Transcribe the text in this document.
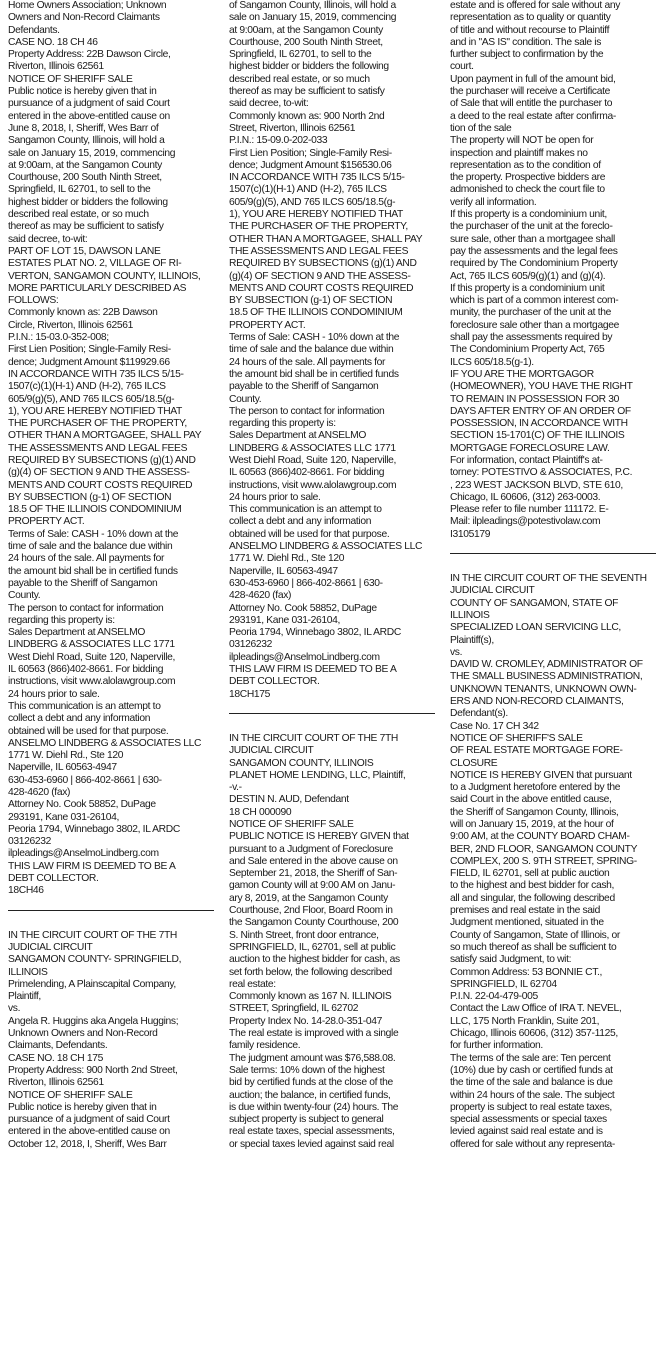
Home Owners Association; Unknown
Owners and Non-Record Claimants
Defendants.
CASE NO. 18 CH 46
Property Address: 22B Dawson Circle,
Riverton, Illinois 62561
NOTICE OF SHERIFF SALE
Public notice is hereby given that in
pursuance of a judgment of said Court
entered in the above-entitled cause on
June 8, 2018, I, Sheriff, Wes Barr of
Sangamon County, Illinois, will hold a
sale on January 15, 2019, commencing
at 9:00am, at the Sangamon County
Courthouse, 200 South Ninth Street,
Springfield, IL 62701, to sell to the
highest bidder or bidders the following
described real estate, or so much
thereof as may be sufficient to satisfy
said decree, to-wit:
PART OF LOT 15, DAWSON LANE
ESTATES PLAT NO. 2, VILLAGE OF RI-
VERTON, SANGAMON COUNTY, ILLINOIS,
MORE PARTICULARLY DESCRIBED AS
FOLLOWS:
Commonly known as: 22B Dawson
Circle, Riverton, Illinois 62561
P.I.N.: 15-03.0-352-008;
First Lien Position; Single-Family Resi-
dence; Judgment Amount $119929.66
IN ACCORDANCE WITH 735 ILCS 5/15-
1507(c)(1)(H-1) AND (H-2), 765 ILCS
605/9(g)(5), AND 765 ILCS 605/18.5(g-
1), YOU ARE HEREBY NOTIFIED THAT
THE PURCHASER OF THE PROPERTY,
OTHER THAN A MORTGAGEE, SHALL PAY
THE ASSESSMENTS AND LEGAL FEES
REQUIRED BY SUBSECTIONS (g)(1) AND
(g)(4) OF SECTION 9 AND THE ASSESS-
MENTS AND COURT COSTS REQUIRED
BY SUBSECTION (g-1) OF SECTION
18.5 OF THE ILLINOIS CONDOMINIUM
PROPERTY ACT.
Terms of Sale: CASH - 10% down at the
time of sale and the balance due within
24 hours of the sale. All payments for
the amount bid shall be in certified funds
payable to the Sheriff of Sangamon
County.
The person to contact for information
regarding this property is:
Sales Department at ANSELMO
LINDBERG & ASSOCIATES LLC 1771
West Diehl Road, Suite 120, Naperville,
IL 60563 (866)402-8661. For bidding
instructions, visit www.alolawgroup.com
24 hours prior to sale.
This communication is an attempt to
collect a debt and any information
obtained will be used for that purpose.
ANSELMO LINDBERG & ASSOCIATES LLC
1771 W. Diehl Rd., Ste 120
Naperville, IL 60563-4947
630-453-6960 | 866-402-8661 | 630-
428-4620 (fax)
Attorney No. Cook 58852, DuPage
293191, Kane 031-26104,
Peoria 1794, Winnebago 3802, IL ARDC
03126232
ilpleadings@AnselmoLindberg.com
THIS LAW FIRM IS DEEMED TO BE A
DEBT COLLECTOR.
18CH46
IN THE CIRCUIT COURT OF THE 7TH
JUDICIAL CIRCUIT
SANGAMON COUNTY- SPRINGFIELD,
ILLINOIS
Primelending, A Plainscapital Company,
Plaintiff,
vs.
Angela R. Huggins aka Angela Huggins;
Unknown Owners and Non-Record
Claimants, Defendants.
CASE NO. 18 CH 175
Property Address: 900 North 2nd Street,
Riverton, Illinois 62561
NOTICE OF SHERIFF SALE
Public notice is hereby given that in
pursuance of a judgment of said Court
entered in the above-entitled cause on
October 12, 2018, I, Sheriff, Wes Barr
of Sangamon County, Illinois, will hold a
sale on January 15, 2019, commencing
at 9:00am, at the Sangamon County
Courthouse, 200 South Ninth Street,
Springfield, IL 62701, to sell to the
highest bidder or bidders the following
described real estate, or so much
thereof as may be sufficient to satisfy
said decree, to-wit:
Commonly known as: 900 North 2nd
Street, Riverton, Illinois 62561
P.I.N.: 15-09.0-202-033
First Lien Position; Single-Family Resi-
dence; Judgment Amount $156530.06
IN ACCORDANCE WITH 735 ILCS 5/15-
1507(c)(1)(H-1) AND (H-2), 765 ILCS
605/9(g)(5), AND 765 ILCS 605/18.5(g-
1), YOU ARE HEREBY NOTIFIED THAT
THE PURCHASER OF THE PROPERTY,
OTHER THAN A MORTGAGEE, SHALL PAY
THE ASSESSMENTS AND LEGAL FEES
REQUIRED BY SUBSECTIONS (g)(1) AND
(g)(4) OF SECTION 9 AND THE ASSESS-
MENTS AND COURT COSTS REQUIRED
BY SUBSECTION (g-1) OF SECTION
18.5 OF THE ILLINOIS CONDOMINIUM
PROPERTY ACT.
Terms of Sale: CASH - 10% down at the
time of sale and the balance due within
24 hours of the sale. All payments for
the amount bid shall be in certified funds
payable to the Sheriff of Sangamon
County.
The person to contact for information
regarding this property is:
Sales Department at ANSELMO
LINDBERG & ASSOCIATES LLC 1771
West Diehl Road, Suite 120, Naperville,
IL 60563 (866)402-8661. For bidding
instructions, visit www.alolawgroup.com
24 hours prior to sale.
This communication is an attempt to
collect a debt and any information
obtained will be used for that purpose.
ANSELMO LINDBERG & ASSOCIATES LLC
1771 W. Diehl Rd., Ste 120
Naperville, IL 60563-4947
630-453-6960 | 866-402-8661 | 630-
428-4620 (fax)
Attorney No. Cook 58852, DuPage
293191, Kane 031-26104,
Peoria 1794, Winnebago 3802, IL ARDC
03126232
ilpleadings@AnselmoLindberg.com
THIS LAW FIRM IS DEEMED TO BE A
DEBT COLLECTOR.
18CH175
IN THE CIRCUIT COURT OF THE 7TH
JUDICIAL CIRCUIT
SANGAMON COUNTY, ILLINOIS
PLANET HOME LENDING, LLC, Plaintiff,
-v.-
DESTIN N. AUD, Defendant
18 CH 000090
NOTICE OF SHERIFF SALE
PUBLIC NOTICE IS HEREBY GIVEN that
pursuant to a Judgment of Foreclosure
and Sale entered in the above cause on
September 21, 2018, the Sheriff of San-
gamon County will at 9:00 AM on Janu-
ary 8, 2019, at the Sangamon County
Courthouse, 2nd Floor, Board Room in
the Sangamon County Courthouse, 200
S. Ninth Street, front door entrance,
SPRINGFIELD, IL, 62701, sell at public
auction to the highest bidder for cash, as
set forth below, the following described
real estate:
Commonly known as 167 N. ILLINOIS
STREET, Springfield, IL 62702
Property Index No. 14-28.0-351-047
The real estate is improved with a single
family residence.
The judgment amount was $76,588.08.
Sale terms: 10% down of the highest
bid by certified funds at the close of the
auction; the balance, in certified funds,
is due within twenty-four (24) hours. The
subject property is subject to general
real estate taxes, special assessments,
or special taxes levied against said real
estate and is offered for sale without any
representation as to quality or quantity
of title and without recourse to Plaintiff
and in "AS IS" condition. The sale is
further subject to confirmation by the
court.
Upon payment in full of the amount bid,
the purchaser will receive a Certificate
of Sale that will entitle the purchaser to
a deed to the real estate after confirma-
tion of the sale
The property will NOT be open for
inspection and plaintiff makes no
representation as to the condition of
the property. Prospective bidders are
admonished to check the court file to
verify all information.
If this property is a condominium unit,
the purchaser of the unit at the foreclo-
sure sale, other than a mortgagee shall
pay the assessments and the legal fees
required by The Condominium Property
Act, 765 ILCS 605/9(g)(1) and (g)(4).
If this property is a condominium unit
which is part of a common interest com-
munity, the purchaser of the unit at the
foreclosure sale other than a mortgagee
shall pay the assessments required by
The Condominium Property Act, 765
ILCS 605/18.5(g-1).
IF YOU ARE THE MORTGAGOR
(HOMEOWNER), YOU HAVE THE RIGHT
TO REMAIN IN POSSESSION FOR 30
DAYS AFTER ENTRY OF AN ORDER OF
POSSESSION, IN ACCORDANCE WITH
SECTION 15-1701(C) OF THE ILLINOIS
MORTGAGE FORECLOSURE LAW.
For information, contact Plaintiff's at-
torney: POTESTIVO & ASSOCIATES, P.C.
, 223 WEST JACKSON BLVD, STE 610,
Chicago, IL 60606, (312) 263-0003.
Please refer to file number 111172. E-
Mail: ilpleadings@potestivolaw.com
I3105179
IN THE CIRCUIT COURT OF THE SEVENTH
JUDICIAL CIRCUIT
COUNTY OF SANGAMON, STATE OF
ILLINOIS
SPECIALIZED LOAN SERVICING LLC,
Plaintiff(s),
vs.
DAVID W. CROMLEY, ADMINISTRATOR OF
THE SMALL BUSINESS ADMINISTRATION,
UNKNOWN TENANTS, UNKNOWN OWN-
ERS AND NON-RECORD CLAIMANTS,
Defendant(s).
Case No. 17 CH 342
NOTICE OF SHERIFF'S SALE
OF REAL ESTATE MORTGAGE FORE-
CLOSURE
NOTICE IS HEREBY GIVEN that pursuant
to a Judgment heretofore entered by the
said Court in the above entitled cause,
the Sheriff of Sangamon County, Illinois,
will on January 15, 2019, at the hour of
9:00 AM, at the COUNTY BOARD CHAM-
BER, 2ND FLOOR, SANGAMON COUNTY
COMPLEX, 200 S. 9TH STREET, SPRING-
FIELD, IL 62701, sell at public auction
to the highest and best bidder for cash,
all and singular, the following described
premises and real estate in the said
Judgment mentioned, situated in the
County of Sangamon, State of Illinois, or
so much thereof as shall be sufficient to
satisfy said Judgment, to wit:
Common Address: 53 BONNIE CT.,
SPRINGFIELD, IL 62704
P.I.N. 22-04-479-005
Contact the Law Office of IRA T. NEVEL,
LLC, 175 North Franklin, Suite 201,
Chicago, Illinois 60606, (312) 357-1125,
for further information.
The terms of the sale are: Ten percent
(10%) due by cash or certified funds at
the time of the sale and balance is due
within 24 hours of the sale. The subject
property is subject to real estate taxes,
special assessments or special taxes
levied against said real estate and is
offered for sale without any representa-
